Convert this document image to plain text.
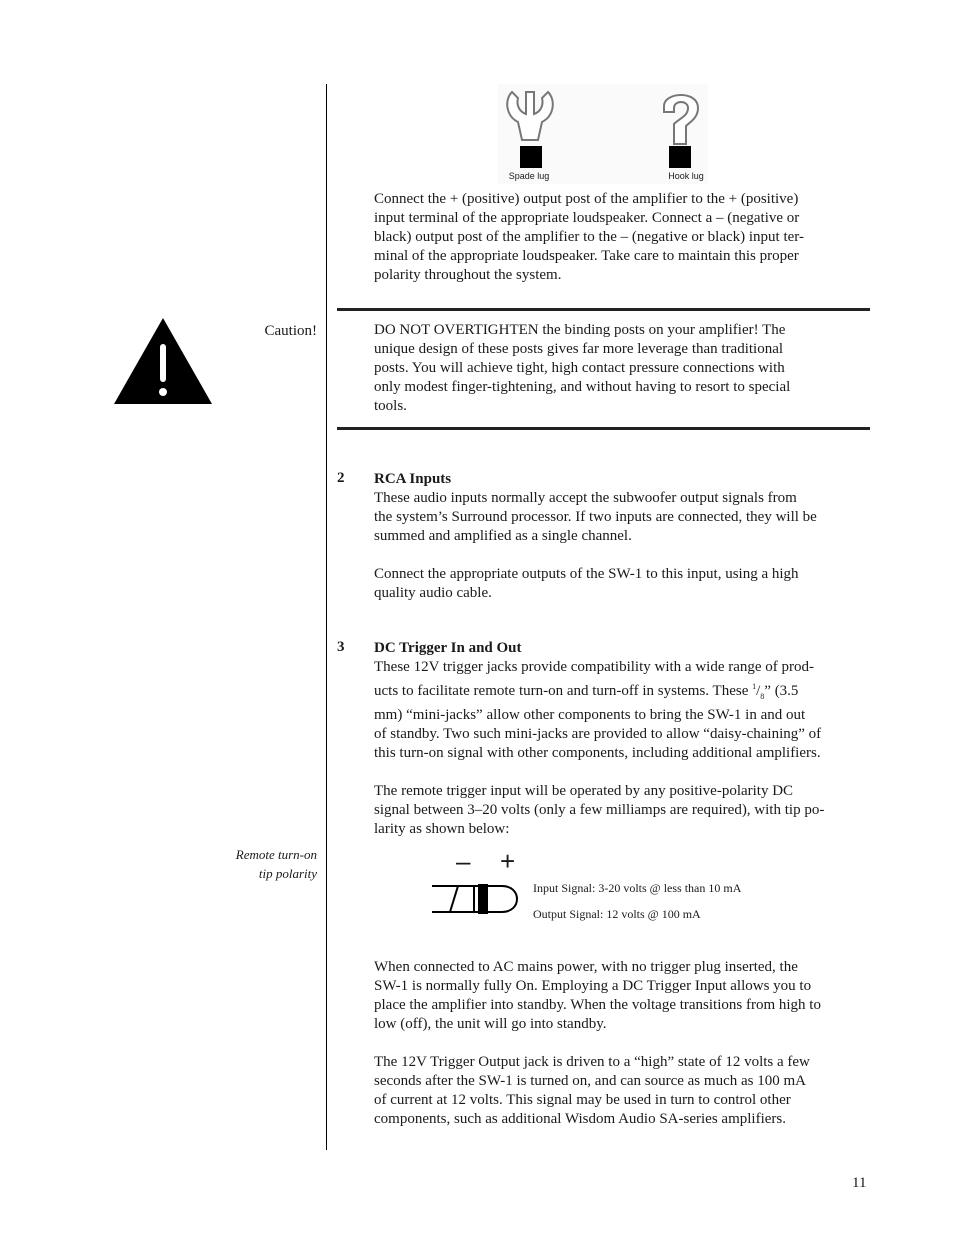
Spade lug	Hook lug
Connect the + (positive) output post of the amplifier to the + (positive)
input terminal of the appropriate loudspeaker. Connect a – (negative or
black) output post of the amplifier to the – (negative or black) input ter-
minal of the appropriate loudspeaker. Take care to maintain this proper
polarity throughout the system.
Caution!	DO NOT OVERTIGHTEN the binding posts on your amplifier! The
unique design of these posts gives far more leverage than traditional
posts. You will achieve tight, high contact pressure connections with
only modest finger-tightening, and without having to resort to special
tools.
2 RCA Inputs
These audio inputs normally accept the subwoofer output signals from
the system’s Surround processor. If two inputs are connected, they will be
summed and amplified as a single channel.
Connect the appropriate outputs of the SW-1 to this input, using a high
quality audio cable.
3 DC Trigger In and Out
These 12V trigger jacks provide compatibility with a wide range of prod-
ucts to facilitate remote turn-on and turn-off in systems. These $^1/_8$” (3.5
mm) “mini-jacks” allow other components to bring the SW-1 in and out
of standby. Two such mini-jacks are provided to allow “daisy-chaining” of
this turn-on signal with other components, including additional amplifiers.
The remote trigger input will be operated by any positive-polarity DC
signal between 3–20 volts (only a few milliamps are required), with tip po-
larity as shown below:
Remote turn-on
tip polarity	– +
Input Signal: 3-20 volts @ less than 10 mA
Output Signal: 12 volts @ 100 mA
When connected to AC mains power, with no trigger plug inserted, the
SW-1 is normally fully On. Employing a DC Trigger Input allows you to
place the amplifier into standby. When the voltage transitions from high to
low (off), the unit will go into standby.
The 12V Trigger Output jack is driven to a “high” state of 12 volts a few
seconds after the SW-1 is turned on, and can source as much as 100 mA
of current at 12 volts. This signal may be used in turn to control other
components, such as additional Wisdom Audio SA-series amplifiers.
11
